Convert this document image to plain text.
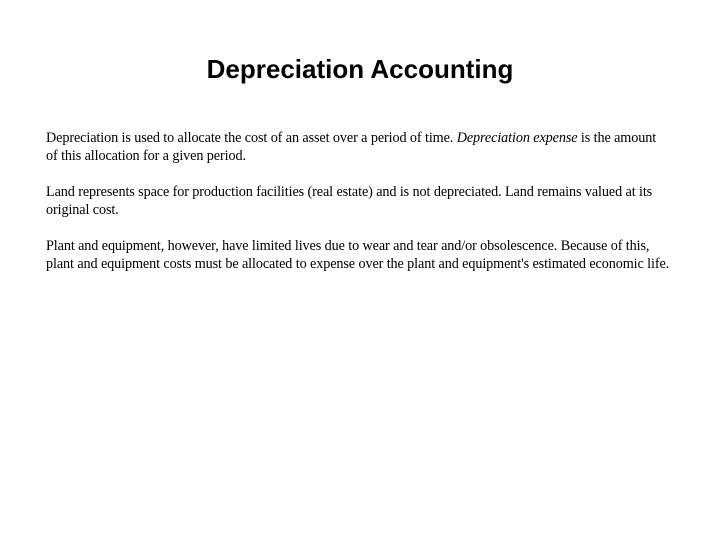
Depreciation Accounting

Depreciation is used to allocate the cost of an asset over a period of time. Depreciation expense is the amount of this allocation for a given period.

Land represents space for production facilities (real estate) and is not depreciated. Land remains valued at its original cost.

Plant and equipment, however, have limited lives due to wear and tear and/or obsolescence. Because of this, plant and equipment costs must be allocated to expense over the plant and equipment's estimated economic life.
